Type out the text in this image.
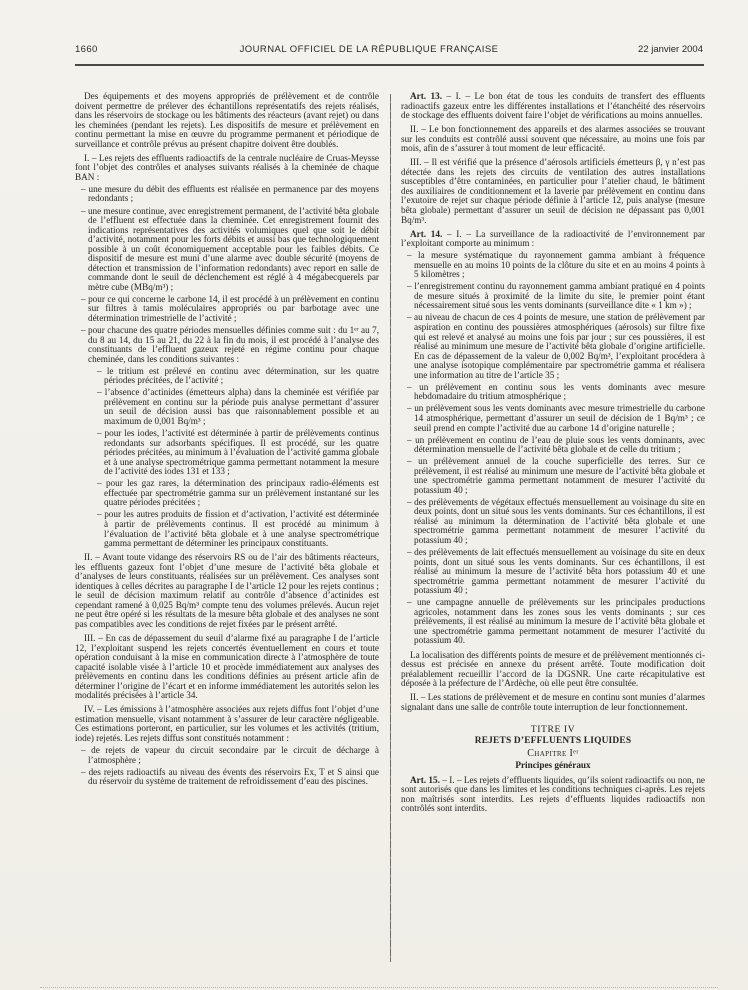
1660	JOURNAL OFFICIEL DE LA RÉPUBLIQUE FRANÇAISE	22 janvier 2004
Des équipements et des moyens appropriés de prélèvement et de contrôle doivent permettre de prélever des échantillons représentatifs des rejets réalisés, dans les réservoirs de stockage ou les bâtiments des réacteurs (avant rejet) ou dans les cheminées (pendant les rejets). Les dispositifs de mesure et prélèvement en continu permettant la mise en œuvre du programme permanent et périodique de surveillance et contrôle prévus au présent chapitre doivent être doublés.
I. – Les rejets des effluents radioactifs de la centrale nucléaire de Cruas-Meysse font l’objet des contrôles et analyses suivants réalisés à la cheminée de chaque BAN :
– une mesure du débit des effluents est réalisée en permanence par des moyens redondants ;
– une mesure continue, avec enregistrement permanent, de l’activité bêta globale de l’effluent est effectuée dans la cheminée. Cet enregistrement fournit des indications représentatives des activités volumiques quel que soit le débit d’activité, notamment pour les forts débits et aussi bas que technologiquement possible à un coût économiquement acceptable pour les faibles débits. Ce dispositif de mesure est muni d’une alarme avec double sécurité (moyens de détection et transmission de l’information redondants) avec report en salle de commande dont le seuil de déclenchement est réglé à 4 mégabecquerels par mètre cube (MBq/m³) ;
– pour ce qui concerne le carbone 14, il est procédé à un prélèvement en continu sur filtres à tamis moléculaires appropriés ou par barbotage avec une détermination trimestrielle de l’activité ;
– pour chacune des quatre périodes mensuelles définies comme suit : du 1ᵉʳ au 7, du 8 au 14, du 15 au 21, du 22 à la fin du mois, il est procédé à l’analyse des constituants de l’effluent gazeux rejeté en régime continu pour chaque cheminée, dans les conditions suivantes :
– le tritium est prélevé en continu avec détermination, sur les quatre périodes précitées, de l’activité ;
– l’absence d’actinides (émetteurs alpha) dans la cheminée est vérifiée par prélèvement en continu sur la période puis analyse permettant d’assurer un seuil de décision aussi bas que raisonnablement possible et au maximum de 0,001 Bq/m³ ;
– pour les iodes, l’activité est déterminée à partir de prélèvements continus redondants sur adsorbants spécifiques. Il est procédé, sur les quatre périodes précitées, au minimum à l’évaluation de l’activité gamma globale et à une analyse spectrométrique gamma permettant notamment la mesure de l’activité des iodes 131 et 133 ;
– pour les gaz rares, la détermination des principaux radio-éléments est effectuée par spectrométrie gamma sur un prélèvement instantané sur les quatre périodes précitées ;
– pour les autres produits de fission et d’activation, l’activité est déterminée à partir de prélèvements continus. Il est procédé au minimum à l’évaluation de l’activité bêta globale et à une analyse spectrométrique gamma permettant de déterminer les principaux constituants.
II. – Avant toute vidange des réservoirs RS ou de l’air des bâtiments réacteurs, les effluents gazeux font l’objet d’une mesure de l’activité bêta globale et d’analyses de leurs constituants, réalisées sur un prélèvement. Ces analyses sont identiques à celles décrites au paragraphe I de l’article 12 pour les rejets continus ; le seuil de décision maximum relatif au contrôle d’absence d’actinides est cependant ramené à 0,025 Bq/m³ compte tenu des volumes prélevés. Aucun rejet ne peut être opéré si les résultats de la mesure bêta globale et des analyses ne sont pas compatibles avec les conditions de rejet fixées par le présent arrêté.
III. – En cas de dépassement du seuil d’alarme fixé au paragraphe I de l’article 12, l’exploitant suspend les rejets concertés éventuellement en cours et toute opération conduisant à la mise en communication directe à l’atmosphère de toute capacité isolable visée à l’article 10 et procède immédiatement aux analyses des prélèvements en continu dans les conditions définies au présent article afin de déterminer l’origine de l’écart et en informe immédiatement les autorités selon les modalités précisées à l’article 34.
IV. – Les émissions à l’atmosphère associées aux rejets diffus font l’objet d’une estimation mensuelle, visant notamment à s’assurer de leur caractère négligeable. Ces estimations porteront, en particulier, sur les volumes et les activités (tritium, iode) rejetés. Les rejets diffus sont constitués notamment :
– de rejets de vapeur du circuit secondaire par le circuit de décharge à l’atmosphère ;
– des rejets radioactifs au niveau des évents des réservoirs Ex, T et S ainsi que du réservoir du système de traitement de refroidissement d’eau des piscines.
Art. 13. – I. – Le bon état de tous les conduits de transfert des effluents radioactifs gazeux entre les différentes installations et l’étanchéité des réservoirs de stockage des effluents doivent faire l’objet de vérifications au moins annuelles.
II. – Le bon fonctionnement des appareils et des alarmes associées se trouvant sur les conduits est contrôlé aussi souvent que nécessaire, au moins une fois par mois, afin de s’assurer à tout moment de leur efficacité.
III. – Il est vérifié que la présence d’aérosols artificiels émetteurs β, γ n’est pas détectée dans les rejets des circuits de ventilation des autres installations susceptibles d’être contaminées, en particulier pour l’atelier chaud, le bâtiment des auxiliaires de conditionnement et la laverie par prélèvement en continu dans l’exutoire de rejet sur chaque période définie à l’article 12, puis analyse (mesure bêta globale) permettant d’assurer un seuil de décision ne dépassant pas 0,001 Bq/m³.
Art. 14. – I. – La surveillance de la radioactivité de l’environnement par l’exploitant comporte au minimum :
– la mesure systématique du rayonnement gamma ambiant à fréquence mensuelle en au moins 10 points de la clôture du site et en au moins 4 points à 5 kilomètres ;
– l’enregistrement continu du rayonnement gamma ambiant pratiqué en 4 points de mesure situés à proximité de la limite du site, le premier point étant nécessairement situé sous les vents dominants (surveillance dite « 1 km ») ;
– au niveau de chacun de ces 4 points de mesure, une station de prélèvement par aspiration en continu des poussières atmosphériques (aérosols) sur filtre fixe qui est relevé et analysé au moins une fois par jour ; sur ces poussières, il est réalisé au minimum une mesure de l’activité bêta globale d’origine artificielle. En cas de dépassement de la valeur de 0,002 Bq/m³, l’exploitant procédera à une analyse isotopique complémentaire par spectrométrie gamma et réalisera une information au titre de l’article 35 ;
– un prélèvement en continu sous les vents dominants avec mesure hebdomadaire du tritium atmosphérique ;
– un prélèvement sous les vents dominants avec mesure trimestrielle du carbone 14 atmosphérique, permettant d’assurer un seuil de décision de 1 Bq/m³ ; ce seuil prend en compte l’activité due au carbone 14 d’origine naturelle ;
– un prélèvement en continu de l’eau de pluie sous les vents dominants, avec détermination mensuelle de l’activité bêta globale et de celle du tritium ;
– un prélèvement annuel de la couche superficielle des terres. Sur ce prélèvement, il est réalisé au minimum une mesure de l’activité bêta globale et une spectrométrie gamma permettant notamment de mesurer l’activité du potassium 40 ;
– des prélèvements de végétaux effectués mensuellement au voisinage du site en deux points, dont un situé sous les vents dominants. Sur ces échantillons, il est réalisé au minimum la détermination de l’activité bêta globale et une spectrométrie gamma permettant notamment de mesurer l’activité du potassium 40 ;
– des prélèvements de lait effectués mensuellement au voisinage du site en deux points, dont un situé sous les vents dominants. Sur ces échantillons, il est réalisé au minimum la mesure de l’activité bêta hors potassium 40 et une spectrométrie gamma permettant notamment de mesurer l’activité du potassium 40 ;
– une campagne annuelle de prélèvements sur les principales productions agricoles, notamment dans les zones sous les vents dominants ; sur ces prélèvements, il est réalisé au minimum la mesure de l’activité bêta globale et une spectrométrie gamma permettant notamment de mesurer l’activité du potassium 40.
La localisation des différents points de mesure et de prélèvement mentionnés ci-dessus est précisée en annexe du présent arrêté. Toute modification doit préalablement recueillir l’accord de la DGSNR. Une carte récapitulative est déposée à la préfecture de l’Ardèche, où elle peut être consultée.
II. – Les stations de prélèvement et de mesure en continu sont munies d’alarmes signalant dans une salle de contrôle toute interruption de leur fonctionnement.
TITRE IV
REJETS D’EFFLUENTS LIQUIDES
Chapitre Iᵉʳ
Principes généraux
Art. 15. – I. – Les rejets d’effluents liquides, qu’ils soient radioactifs ou non, ne sont autorisés que dans les limites et les conditions techniques ci-après. Les rejets non maîtrisés sont interdits. Les rejets d’effluents liquides radioactifs non contrôlés sont interdits.
